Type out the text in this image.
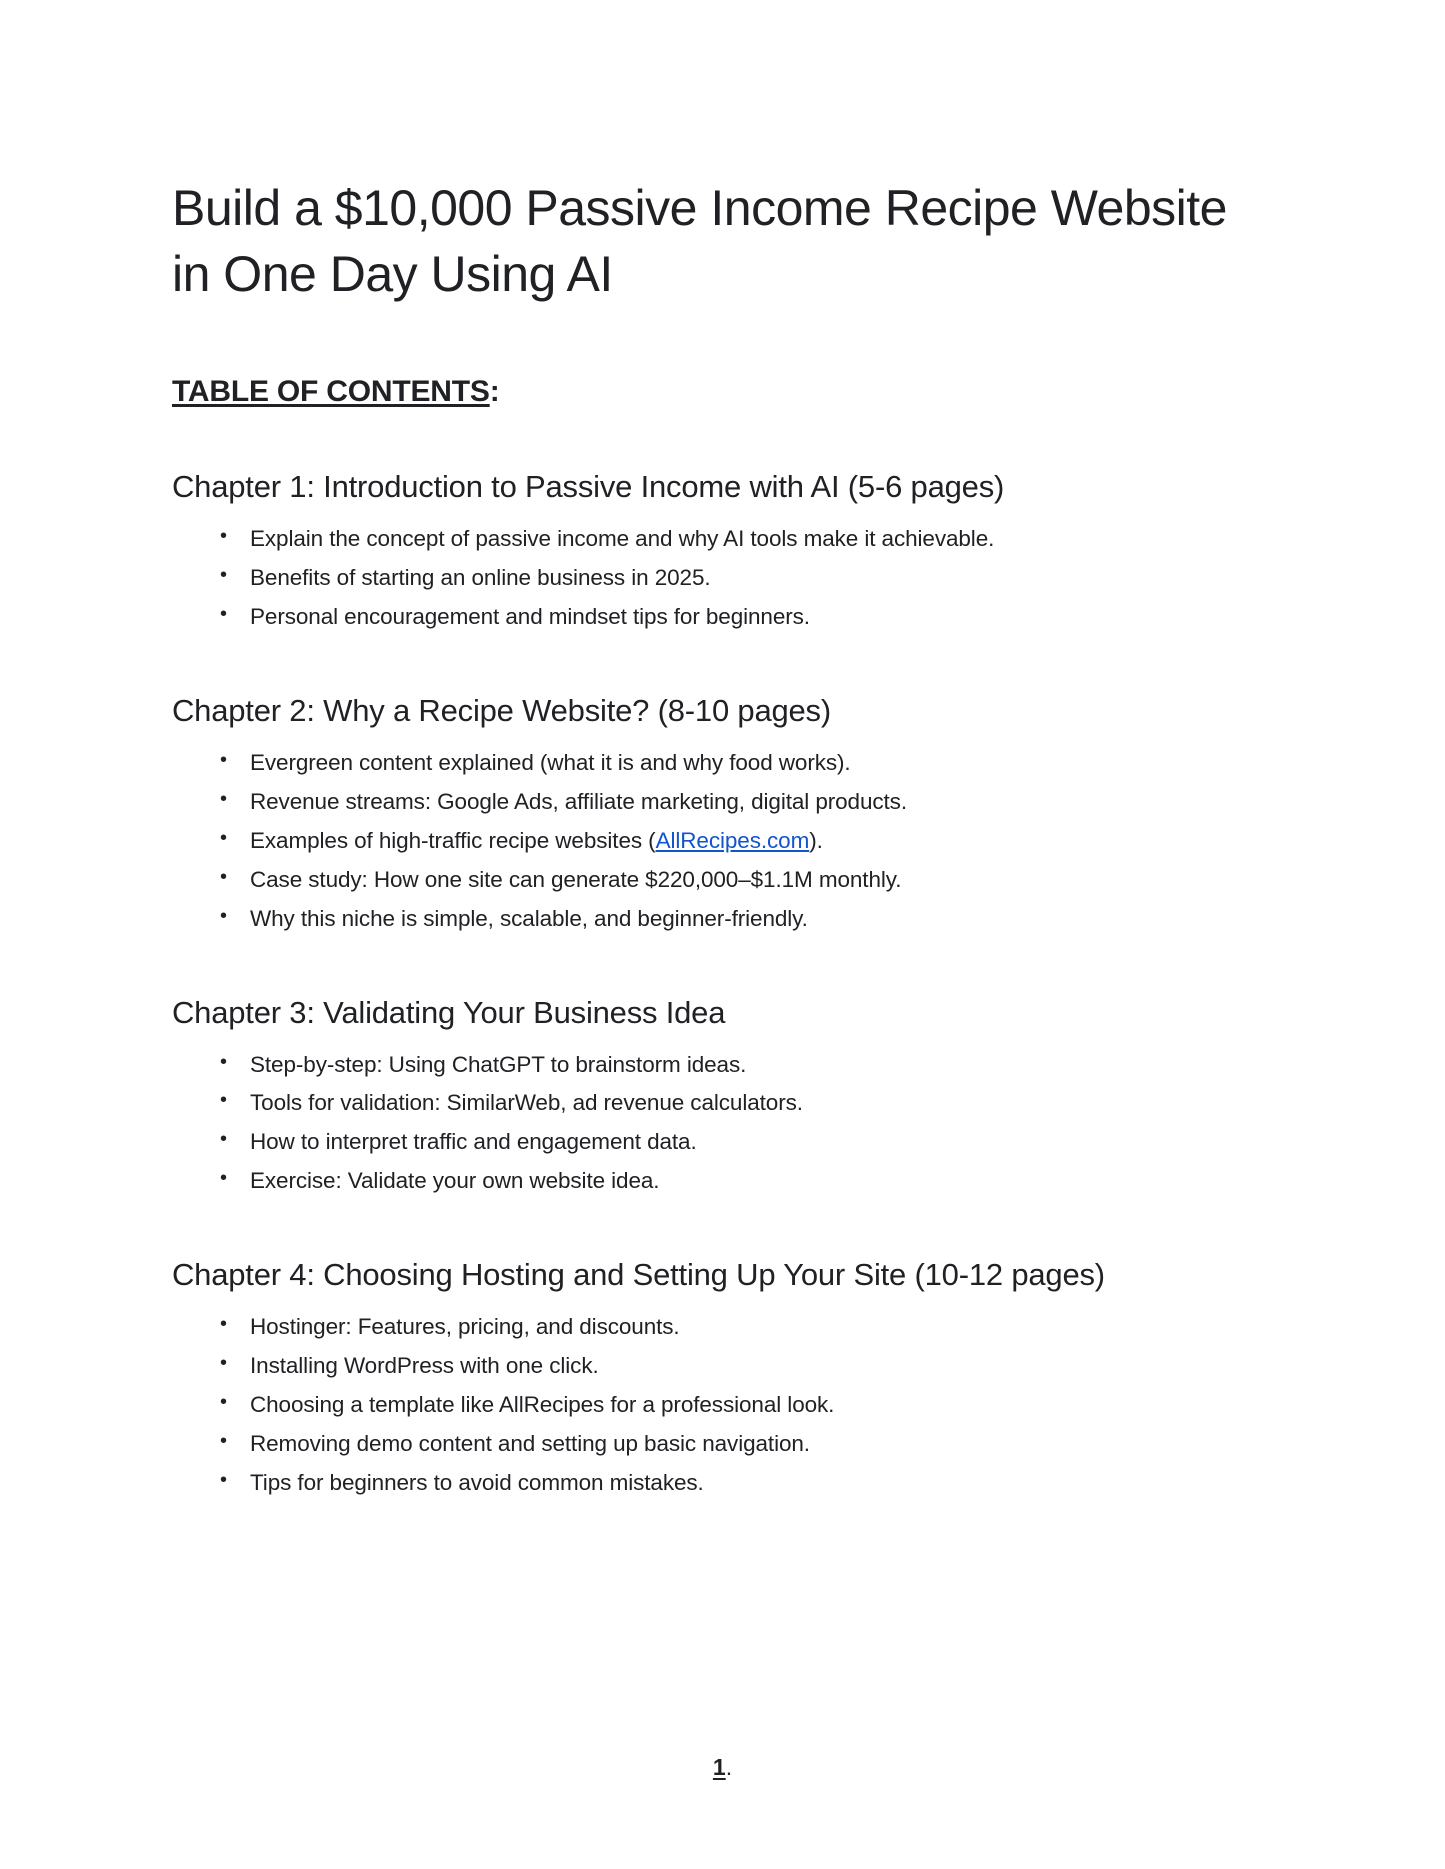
Build a $10,000 Passive Income Recipe Website in One Day Using AI
TABLE OF CONTENTS:
Chapter 1: Introduction to Passive Income with AI (5-6 pages)
• Explain the concept of passive income and why AI tools make it achievable.
• Benefits of starting an online business in 2025.
• Personal encouragement and mindset tips for beginners.
Chapter 2: Why a Recipe Website? (8-10 pages)
• Evergreen content explained (what it is and why food works).
• Revenue streams: Google Ads, affiliate marketing, digital products.
• Examples of high-traffic recipe websites (AllRecipes.com).
• Case study: How one site can generate $220,000–$1.1M monthly.
• Why this niche is simple, scalable, and beginner-friendly.
Chapter 3: Validating Your Business Idea
• Step-by-step: Using ChatGPT to brainstorm ideas.
• Tools for validation: SimilarWeb, ad revenue calculators.
• How to interpret traffic and engagement data.
• Exercise: Validate your own website idea.
Chapter 4: Choosing Hosting and Setting Up Your Site (10-12 pages)
• Hostinger: Features, pricing, and discounts.
• Installing WordPress with one click.
• Choosing a template like AllRecipes for a professional look.
• Removing demo content and setting up basic navigation.
• Tips for beginners to avoid common mistakes.
1.
